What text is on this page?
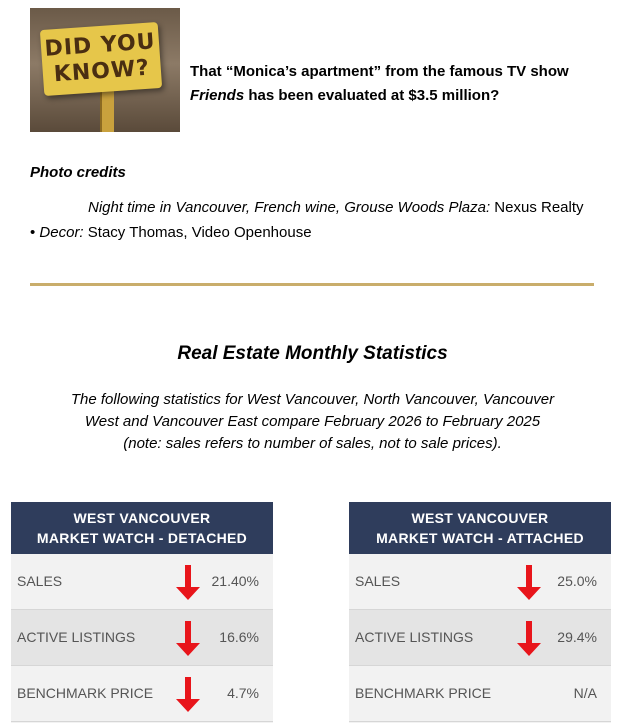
DID YOU
KNOW?	That “Monica’s apartment” from the famous TV show
Friends has been evaluated at $3.5 million?
Photo credits
Night time in Vancouver, French wine, Grouse Woods Plaza: Nexus Realty
• Decor: Stacy Thomas, Video Openhouse
Real Estate Monthly Statistics
The following statistics for West Vancouver, North Vancouver, Vancouver
West and Vancouver East compare February 2026 to February 2025
(note: sales refers to number of sales, not to sale prices).
WEST VANCOUVER
MARKET WATCH - DETACHED
SALES	21.40%
ACTIVE LISTINGS	16.6%
BENCHMARK PRICE	4.7%
WEST VANCOUVER
MARKET WATCH - ATTACHED
SALES	25.0%
ACTIVE LISTINGS	29.4%
BENCHMARK PRICE	N/A
